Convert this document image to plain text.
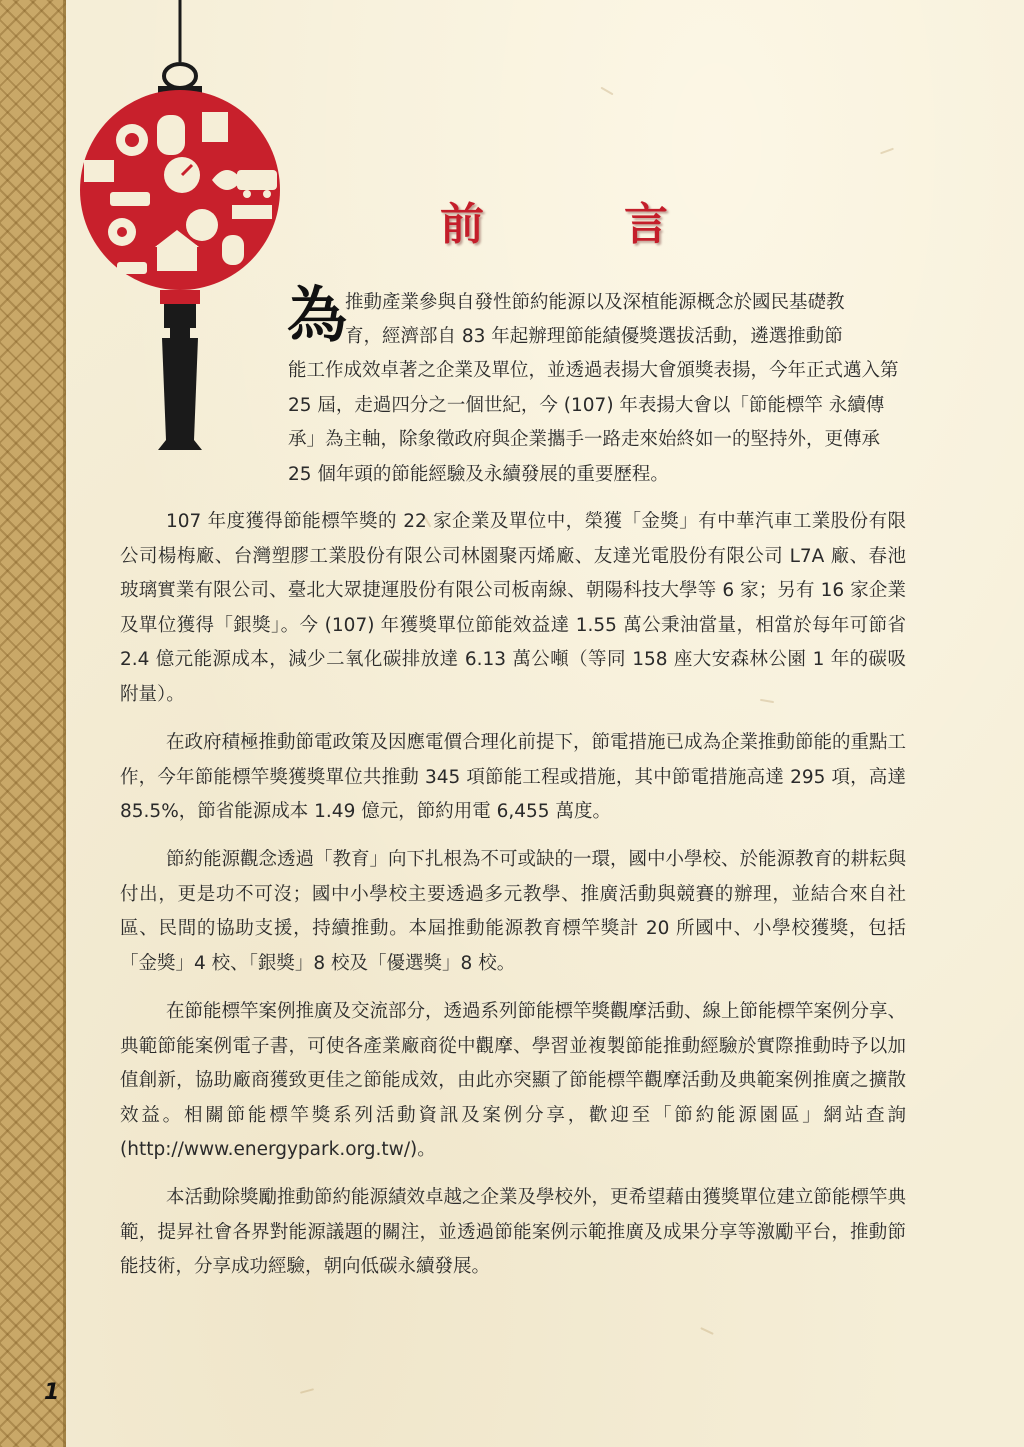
前　言
為
推動產業參與自發性節約能源以及深植能源概念於國民基礎教
育，經濟部自 83 年起辦理節能績優獎選拔活動，遴選推動節
能工作成效卓著之企業及單位，並透過表揚大會頒獎表揚，今年正式邁入第 25 屆，走過四分之一個世紀，今 (107) 年表揚大會以「節能標竿 永續傳承」為主軸，除象徵政府與企業攜手一路走來始終如一的堅持外，更傳承 25 個年頭的節能經驗及永續發展的重要歷程。

107 年度獲得節能標竿獎的 22 家企業及單位中，榮獲「金獎」有中華汽車工業股份有限公司楊梅廠、台灣塑膠工業股份有限公司林園聚丙烯廠、友達光電股份有限公司 L7A 廠、春池玻璃實業有限公司、臺北大眾捷運股份有限公司板南線、朝陽科技大學等 6 家；另有 16 家企業及單位獲得「銀獎」。今 (107) 年獲獎單位節能效益達 1.55 萬公秉油當量，相當於每年可節省 2.4 億元能源成本，減少二氧化碳排放達 6.13 萬公噸（等同 158 座大安森林公園 1 年的碳吸附量）。

在政府積極推動節電政策及因應電價合理化前提下，節電措施已成為企業推動節能的重點工作，今年節能標竿獎獲獎單位共推動 345 項節能工程或措施，其中節電措施高達 295 項，高達 85.5%，節省能源成本 1.49 億元，節約用電 6,455 萬度。

節約能源觀念透過「教育」向下扎根為不可或缺的一環，國中小學校、於能源教育的耕耘與付出，更是功不可沒；國中小學校主要透過多元教學、推廣活動與競賽的辦理，並結合來自社區、民間的協助支援，持續推動。本屆推動能源教育標竿獎計 20 所國中、小學校獲獎，包括「金獎」4 校、「銀獎」8 校及「優選獎」8 校。

在節能標竿案例推廣及交流部分，透過系列節能標竿獎觀摩活動、線上節能標竿案例分享、典範節能案例電子書，可使各產業廠商從中觀摩、學習並複製節能推動經驗於實際推動時予以加值創新，協助廠商獲致更佳之節能成效，由此亦突顯了節能標竿觀摩活動及典範案例推廣之擴散效益。相關節能標竿獎系列活動資訊及案例分享，歡迎至「節約能源園區」網站查詢 (http://www.energypark.org.tw/)。

本活動除獎勵推動節約能源績效卓越之企業及學校外，更希望藉由獲獎單位建立節能標竿典範，提昇社會各界對能源議題的關注，並透過節能案例示範推廣及成果分享等激勵平台，推動節能技術，分享成功經驗，朝向低碳永續發展。

1
